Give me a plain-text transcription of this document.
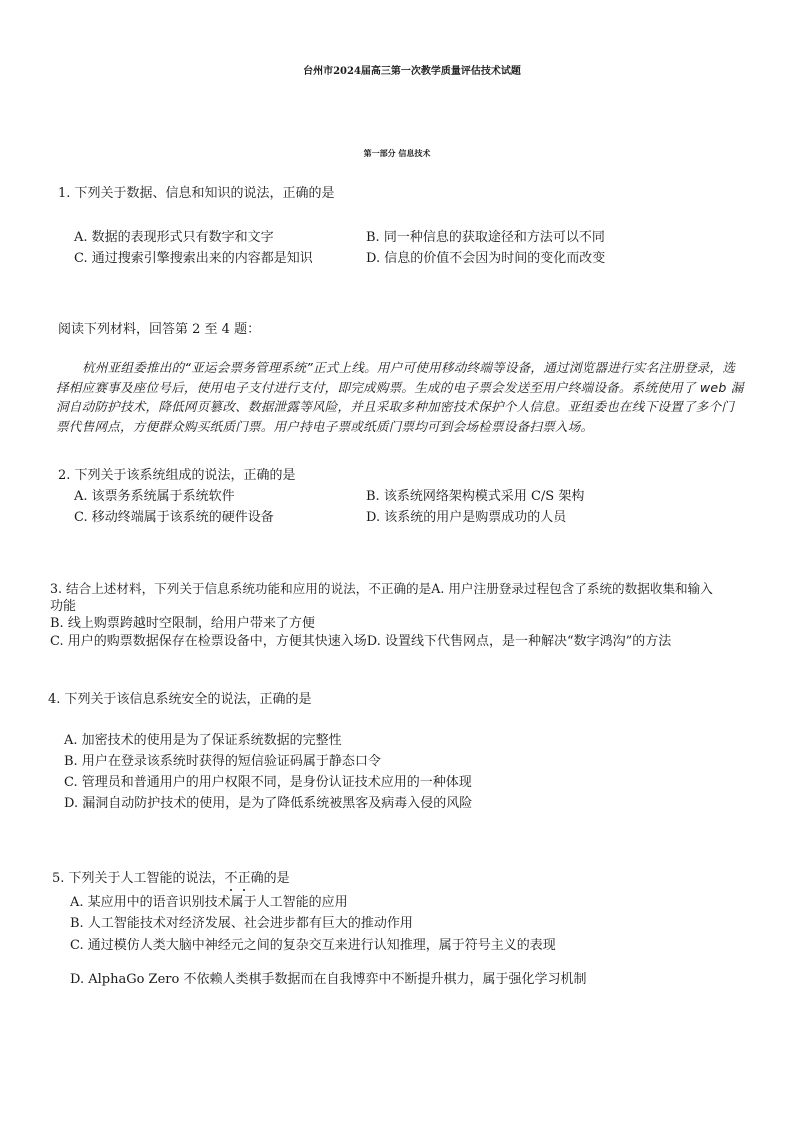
台州市2024届高三第一次教学质量评估技术试题
第一部分 信息技术
1. 下列关于数据、信息和知识的说法，正确的是
A. 数据的表现形式只有数字和文字	B. 同一种信息的获取途径和方法可以不同
C. 通过搜索引擎搜索出来的内容都是知识	D. 信息的价值不会因为时间的变化而改变
阅读下列材料，回答第 2 至 4 题：
杭州亚组委推出的“亚运会票务管理系统”正式上线。用户可使用移动终端等设备，通过浏览器进行实名注册登录，选择相应赛事及座位号后，使用电子支付进行支付，即完成购票。生成的电子票会发送至用户终端设备。系统使用了 web 漏洞自动防护技术，降低网页篡改、数据泄露等风险，并且采取多种加密技术保护个人信息。亚组委也在线下设置了多个门票代售网点，方便群众购买纸质门票。用户持电子票或纸质门票均可到会场检票设备扫票入场。
2. 下列关于该系统组成的说法，正确的是
A. 该票务系统属于系统软件	B. 该系统网络架构模式采用 C/S 架构
C. 移动终端属于该系统的硬件设备	D. 该系统的用户是购票成功的人员
3. 结合上述材料，下列关于信息系统功能和应用的说法，不正确的是A. 用户注册登录过程包含了系统的数据收集和输入
功能
B. 线上购票跨越时空限制，给用户带来了方便
C. 用户的购票数据保存在检票设备中，方便其快速入场D. 设置线下代售网点，是一种解决“数字鸿沟”的方法
4. 下列关于该信息系统安全的说法，正确的是
A. 加密技术的使用是为了保证系统数据的完整性
B. 用户在登录该系统时获得的短信验证码属于静态口令
C. 管理员和普通用户的用户权限不同，是身份认证技术应用的一种体现
D. 漏洞自动防护技术的使用，是为了降低系统被黑客及病毒入侵的风险
5. 下列关于人工智能的说法，不正确的是
A. 某应用中的语音识别技术属于人工智能的应用
B. 人工智能技术对经济发展、社会进步都有巨大的推动作用
C. 通过模仿人类大脑中神经元之间的复杂交互来进行认知推理，属于符号主义的表现
D. AlphaGo Zero 不依赖人类棋手数据而在自我博弈中不断提升棋力，属于强化学习机制
